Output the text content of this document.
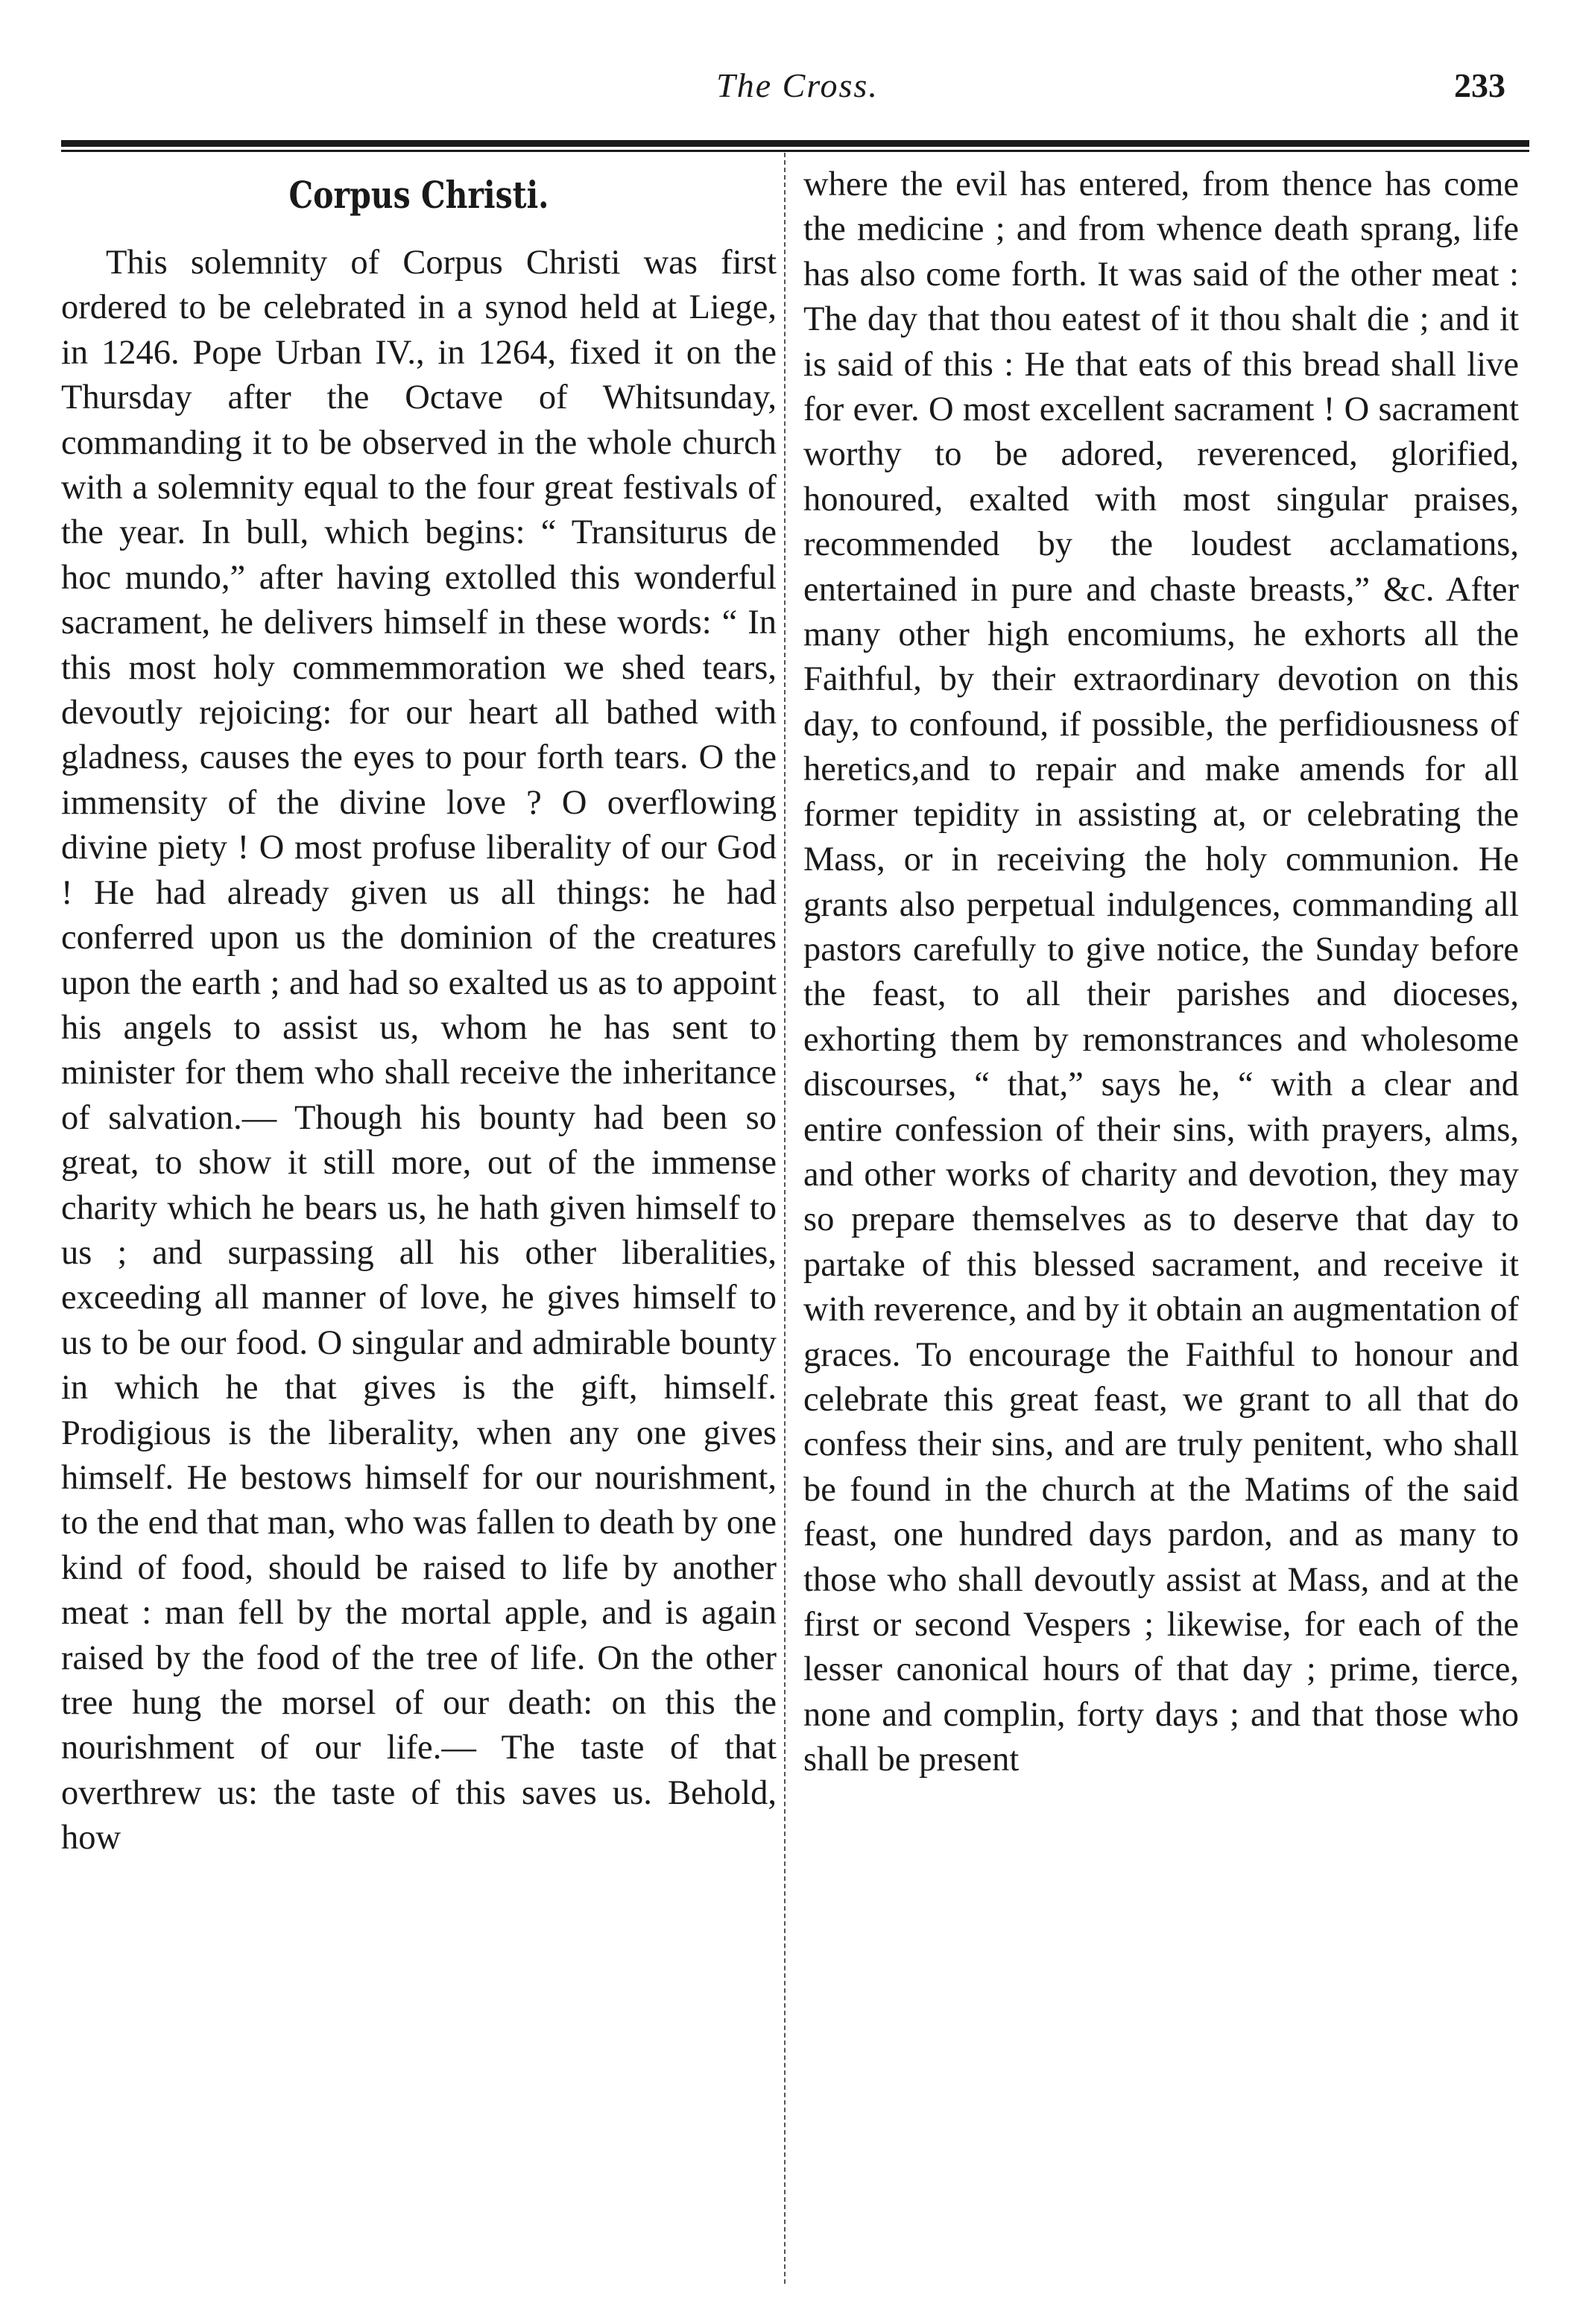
The Cross.	233
Corpus Christi.

This solemnity of Corpus Christi was first ordered to be celebrated in a synod held at Liege, in 1246. Pope Urban IV., in 1264, fixed it on the Thursday after the Octave of Whitsunday, commanding it to be observed in the whole church with a solemnity equal to the four great festivals of the year. In bull, which begins: “ Transiturus de hoc mundo,” after having extolled this wonderful sacrament, he delivers himself in these words: “ In this most holy commemmoration we shed tears, devoutly rejoicing: for our heart all bathed with gladness, causes the eyes to pour forth tears. O the immensity of the divine love ? O overflowing divine piety ! O most profuse liberality of our God ! He had already given us all things: he had conferred upon us the dominion of the creatures upon the earth ; and had so exalted us as to appoint his angels to assist us, whom he has sent to minister for them who shall receive the inheritance of salvation.— Though his bounty had been so great, to show it still more, out of the immense charity which he bears us, he hath given himself to us ; and surpassing all his other liberalities, exceeding all manner of love, he gives himself to us to be our food. O singular and admirable bounty in which he that gives is the gift, himself. Prodigious is the liberality, when any one gives himself. He bestows himself for our nourishment, to the end that man, who was fallen to death by one kind of food, should be raised to life by another meat : man fell by the mortal apple, and is again raised by the food of the tree of life. On the other tree hung the morsel of our death: on this the nourishment of our life.— The taste of that overthrew us: the taste of this saves us. Behold, how

where the evil has entered, from thence has come the medicine ; and from whence death sprang, life has also come forth. It was said of the other meat : The day that thou eatest of it thou shalt die ; and it is said of this : He that eats of this bread shall live for ever. O most excellent sacrament ! O sacrament worthy to be adored, reverenced, glorified, honoured, exalted with most singular praises, recommended by the loudest acclamations, entertained in pure and chaste breasts,” &c. After many other high encomiums, he exhorts all the Faithful, by their extraordinary devotion on this day, to confound, if possible, the perfidiousness of heretics,and to repair and make amends for all former tepidity in assisting at, or celebrating the Mass, or in receiving the holy communion. He grants also perpetual indulgences, commanding all pastors carefully to give notice, the Sunday before the feast, to all their parishes and dioceses, exhorting them by remonstrances and wholesome discourses, “ that,” says he, “ with a clear and entire confession of their sins, with prayers, alms, and other works of charity and devotion, they may so prepare themselves as to deserve that day to partake of this blessed sacrament, and receive it with reverence, and by it obtain an augmentation of graces. To encourage the Faithful to honour and celebrate this great feast, we grant to all that do confess their sins, and are truly penitent, who shall be found in the church at the Matims of the said feast, one hundred days pardon, and as many to those who shall devoutly assist at Mass, and at the first or second Vespers ; likewise, for each of the lesser canonical hours of that day ; prime, tierce, none and complin, forty days ; and that those who shall be present
